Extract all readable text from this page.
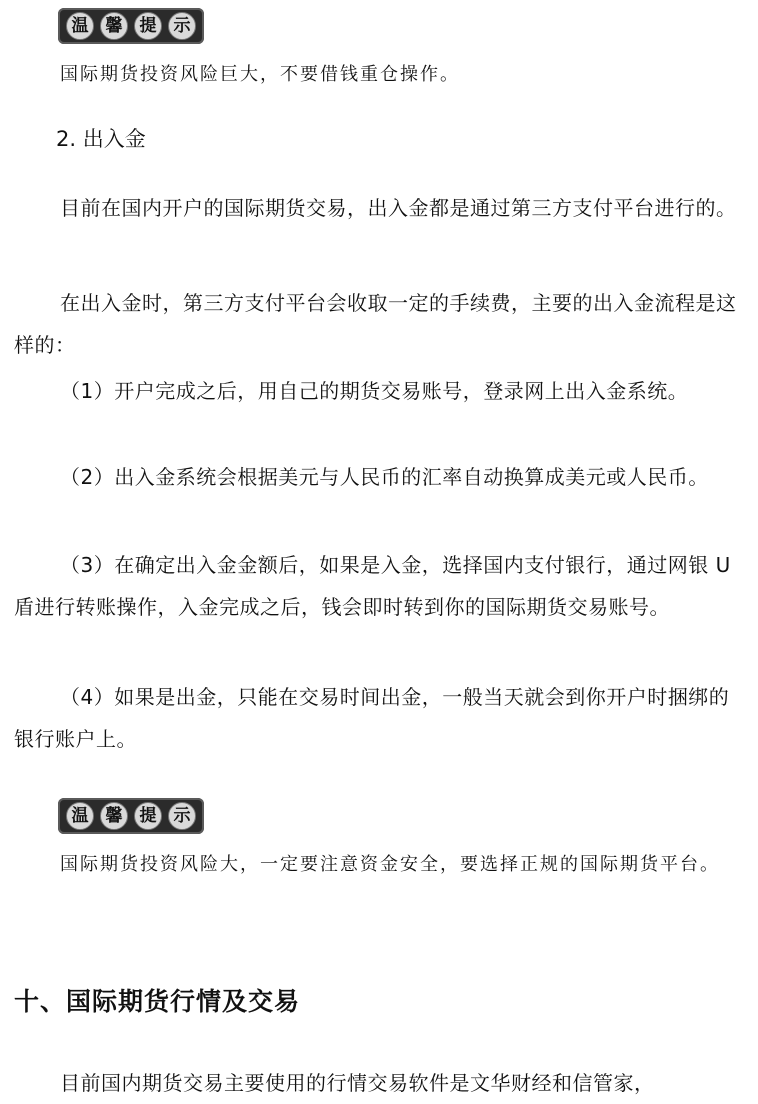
温	馨	提	示

国际期货投资风险巨大，不要借钱重仓操作。

2. 出入金

目前在国内开户的国际期货交易，出入金都是通过第三方支付平台进行的。

在出入金时，第三方支付平台会收取一定的手续费，主要的出入金流程是这样的：

（1）开户完成之后，用自己的期货交易账号，登录网上出入金系统。

（2）出入金系统会根据美元与人民币的汇率自动换算成美元或人民币。

（3）在确定出入金金额后，如果是入金，选择国内支付银行，通过网银 U 盾进行转账操作，入金完成之后，钱会即时转到你的国际期货交易账号。

（4）如果是出金，只能在交易时间出金，一般当天就会到你开户时捆绑的银行账户上。

温	馨	提	示

国际期货投资风险大，一定要注意资金安全，要选择正规的国际期货平台。

十、国际期货行情及交易

目前国内期货交易主要使用的行情交易软件是文华财经和信管家，
